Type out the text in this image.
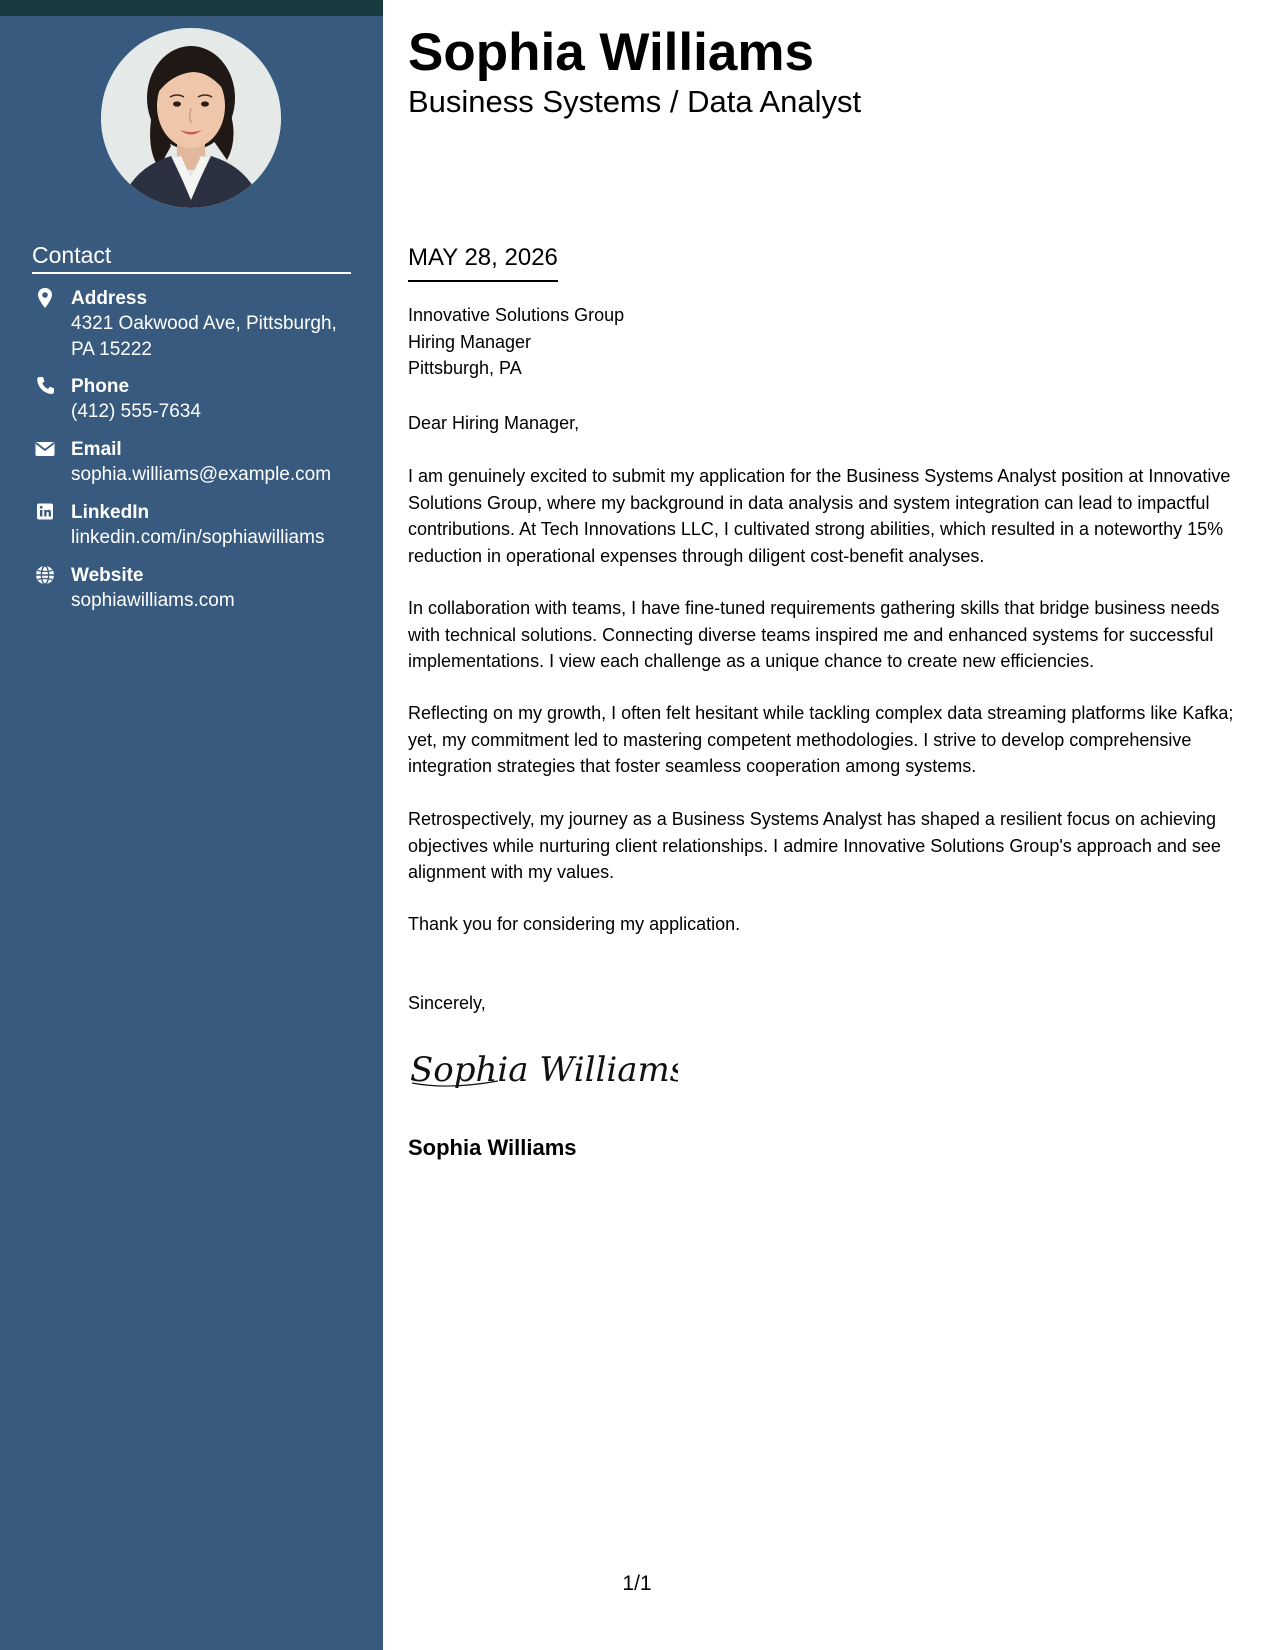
Contact
Address
4321 Oakwood Ave, Pittsburgh, PA 15222
Phone
(412) 555-7634
Email
sophia.williams@example.com
LinkedIn
linkedin.com/in/sophiawilliams
Website
sophiawilliams.com
Sophia Williams
Business Systems / Data Analyst
MAY 28, 2026
Innovative Solutions Group
Hiring Manager
Pittsburgh, PA

Dear Hiring Manager,

I am genuinely excited to submit my application for the Business Systems Analyst position at Innovative Solutions Group, where my background in data analysis and system integration can lead to impactful contributions. At Tech Innovations LLC, I cultivated strong abilities, which resulted in a noteworthy 15% reduction in operational expenses through diligent cost-benefit analyses.

In collaboration with teams, I have fine-tuned requirements gathering skills that bridge business needs with technical solutions. Connecting diverse teams inspired me and enhanced systems for successful implementations. I view each challenge as a unique chance to create new efficiencies.

Reflecting on my growth, I often felt hesitant while tackling complex data streaming platforms like Kafka; yet, my commitment led to mastering competent methodologies. I strive to develop comprehensive integration strategies that foster seamless cooperation among systems.

Retrospectively, my journey as a Business Systems Analyst has shaped a resilient focus on achieving objectives while nurturing client relationships. I admire Innovative Solutions Group's approach and see alignment with my values.

Thank you for considering my application.

Sincerely,

Sophia Williams
Sophia Williams
1/1
